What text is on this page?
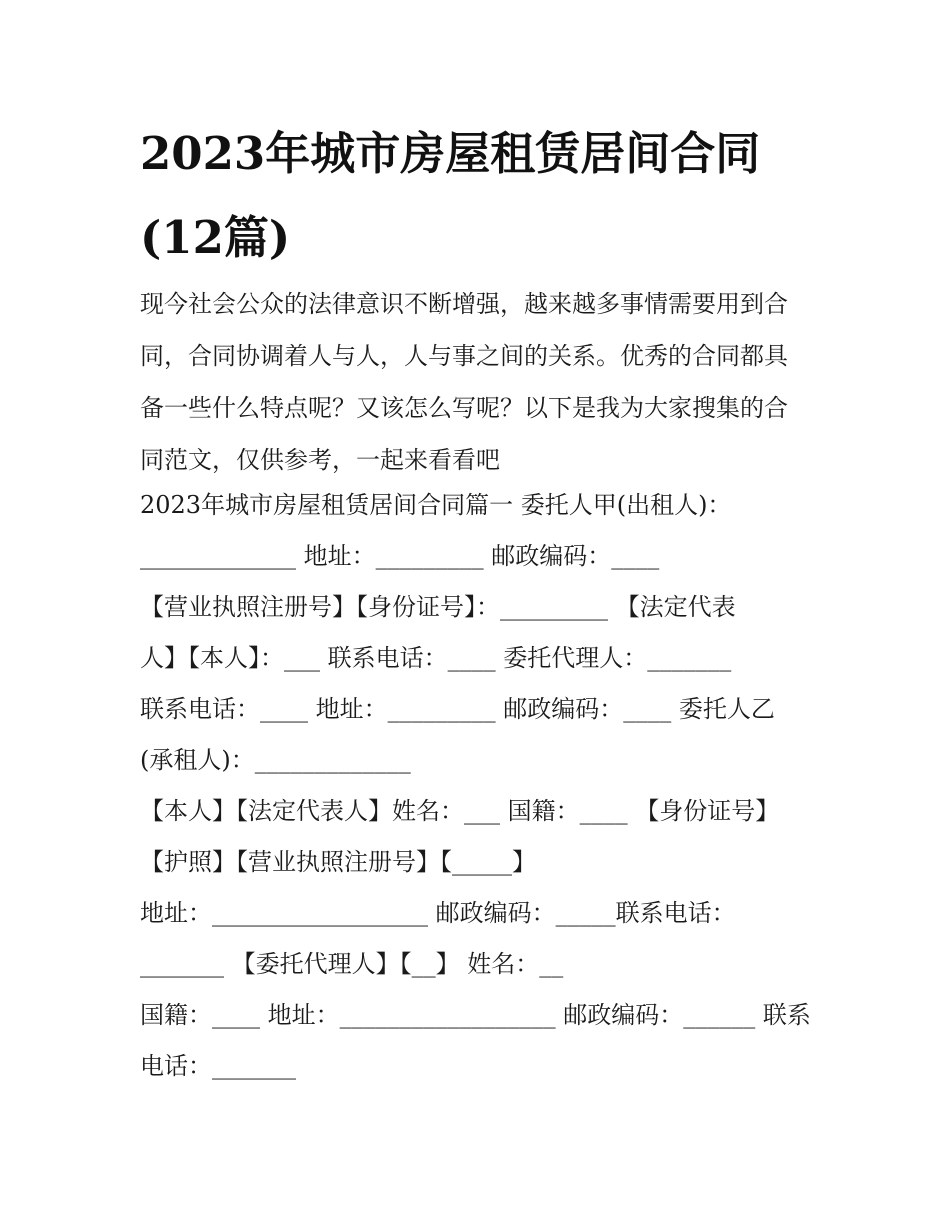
2023年城市房屋租赁居间合同
(12篇)
现今社会公众的法律意识不断增强，越来越多事情需要用到合
同，合同协调着人与人，人与事之间的关系。优秀的合同都具
备一些什么特点呢？又该怎么写呢？以下是我为大家搜集的合
同范文，仅供参考，一起来看看吧
2023年城市房屋租赁居间合同篇一 委托人甲(出租人)：
_____________ 地址：_________ 邮政编码：____
【营业执照注册号】【身份证号】：_________ 【法定代表
人】【本人】：___ 联系电话：____ 委托代理人：_______
联系电话：____ 地址：_________ 邮政编码：____ 委托人乙
(承租人)：_____________
【本人】【法定代表人】姓名：___ 国籍：____ 【身份证号】
【护照】【营业执照注册号】【_____】
地址：__________________ 邮政编码：_____联系电话：
_______ 【委托代理人】【__】 姓名：__
国籍：____ 地址：__________________ 邮政编码：______ 联系
电话：_______
